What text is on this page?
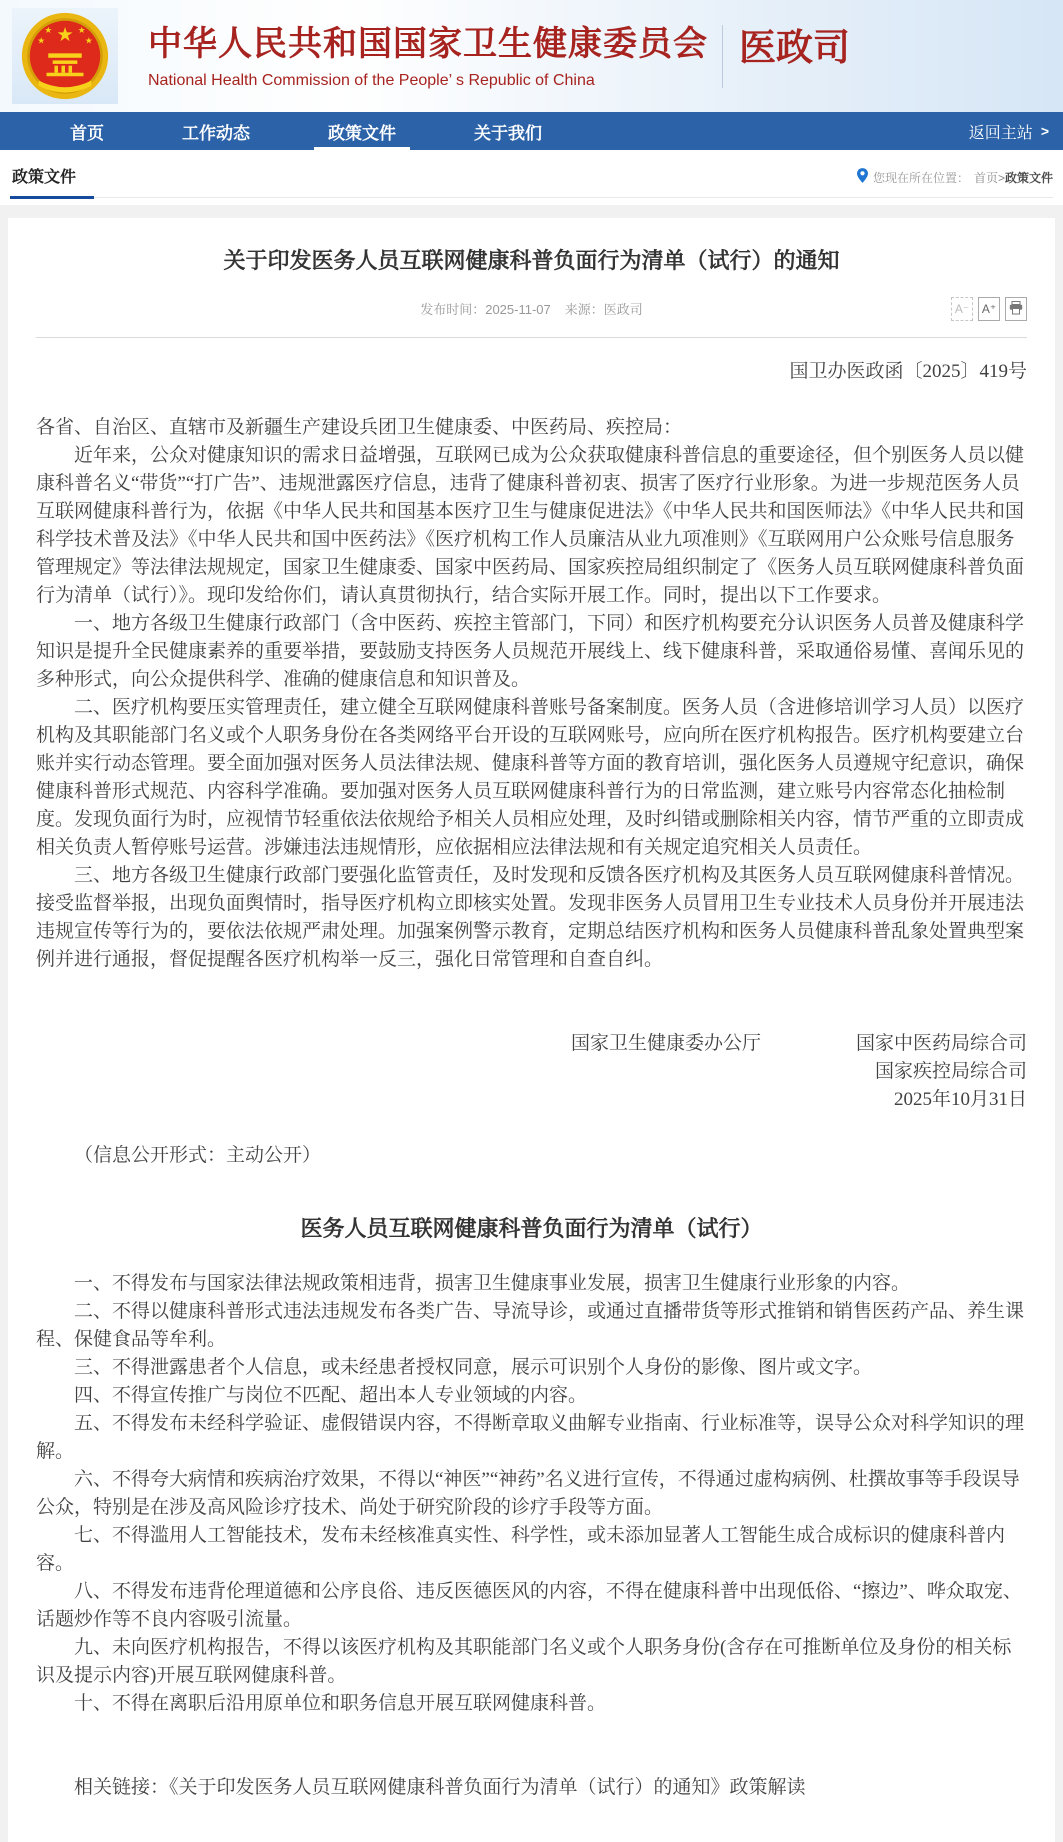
★
★	★
★	★ 中华人民共和国国家卫生健康委员会
National Health Commission of the People’ s Republic of China
医政司
首页	工作动态	政策文件	关于我们	返回主站 >
政策文件	您现在所在位置： 首页>政策文件
关于印发医务人员互联网健康科普负面行为清单（试行）的通知
发布时间：2025-11-07 来源：医政司	A⁻	A⁺
国卫办医政函〔2025〕419号

各省、自治区、直辖市及新疆生产建设兵团卫生健康委、中医药局、疾控局：

近年来，公众对健康知识的需求日益增强，互联网已成为公众获取健康科普信息的重要途径，但个别医务人员以健康科普名义“带货”“打广告”、违规泄露医疗信息，违背了健康科普初衷、损害了医疗行业形象。为进一步规范医务人员互联网健康科普行为，依据《中华人民共和国基本医疗卫生与健康促进法》《中华人民共和国医师法》《中华人民共和国科学技术普及法》《中华人民共和国中医药法》《医疗机构工作人员廉洁从业九项准则》《互联网用户公众账号信息服务管理规定》等法律法规规定，国家卫生健康委、国家中医药局、国家疾控局组织制定了《医务人员互联网健康科普负面行为清单（试行）》。现印发给你们，请认真贯彻执行，结合实际开展工作。同时，提出以下工作要求。

一、地方各级卫生健康行政部门（含中医药、疾控主管部门，下同）和医疗机构要充分认识医务人员普及健康科学知识是提升全民健康素养的重要举措，要鼓励支持医务人员规范开展线上、线下健康科普，采取通俗易懂、喜闻乐见的多种形式，向公众提供科学、准确的健康信息和知识普及。

二、医疗机构要压实管理责任，建立健全互联网健康科普账号备案制度。医务人员（含进修培训学习人员）以医疗机构及其职能部门名义或个人职务身份在各类网络平台开设的互联网账号，应向所在医疗机构报告。医疗机构要建立台账并实行动态管理。要全面加强对医务人员法律法规、健康科普等方面的教育培训，强化医务人员遵规守纪意识，确保健康科普形式规范、内容科学准确。要加强对医务人员互联网健康科普行为的日常监测，建立账号内容常态化抽检制度。发现负面行为时，应视情节轻重依法依规给予相关人员相应处理，及时纠错或删除相关内容，情节严重的立即责成相关负责人暂停账号运营。涉嫌违法违规情形，应依据相应法律法规和有关规定追究相关人员责任。

三、地方各级卫生健康行政部门要强化监管责任，及时发现和反馈各医疗机构及其医务人员互联网健康科普情况。接受监督举报，出现负面舆情时，指导医疗机构立即核实处置。发现非医务人员冒用卫生专业技术人员身份并开展违法违规宣传等行为的，要依法依规严肃处理。加强案例警示教育，定期总结医疗机构和医务人员健康科普乱象处置典型案例并进行通报，督促提醒各医疗机构举一反三，强化日常管理和自查自纠。

国家卫生健康委办公厅	国家中医药局综合司
国家疾控局综合司
2025年10月31日
（信息公开形式：主动公开）
医务人员互联网健康科普负面行为清单（试行）

一、不得发布与国家法律法规政策相违背，损害卫生健康事业发展，损害卫生健康行业形象的内容。

二、不得以健康科普形式违法违规发布各类广告、导流导诊，或通过直播带货等形式推销和销售医药产品、养生课程、保健食品等牟利。

三、不得泄露患者个人信息，或未经患者授权同意，展示可识别个人身份的影像、图片或文字。

四、不得宣传推广与岗位不匹配、超出本人专业领域的内容。

五、不得发布未经科学验证、虚假错误内容，不得断章取义曲解专业指南、行业标准等，误导公众对科学知识的理解。

六、不得夸大病情和疾病治疗效果，不得以“神医”“神药”名义进行宣传，不得通过虚构病例、杜撰故事等手段误导公众，特别是在涉及高风险诊疗技术、尚处于研究阶段的诊疗手段等方面。

七、不得滥用人工智能技术，发布未经核准真实性、科学性，或未添加显著人工智能生成合成标识的健康科普内容。

八、不得发布违背伦理道德和公序良俗、违反医德医风的内容，不得在健康科普中出现低俗、“擦边”、哗众取宠、话题炒作等不良内容吸引流量。

九、未向医疗机构报告，不得以该医疗机构及其职能部门名义或个人职务身份(含存在可推断单位及身份的相关标识及提示内容)开展互联网健康科普。

十、不得在离职后沿用原单位和职务信息开展互联网健康科普。

相关链接：《关于印发医务人员互联网健康科普负面行为清单（试行）的通知》政策解读
